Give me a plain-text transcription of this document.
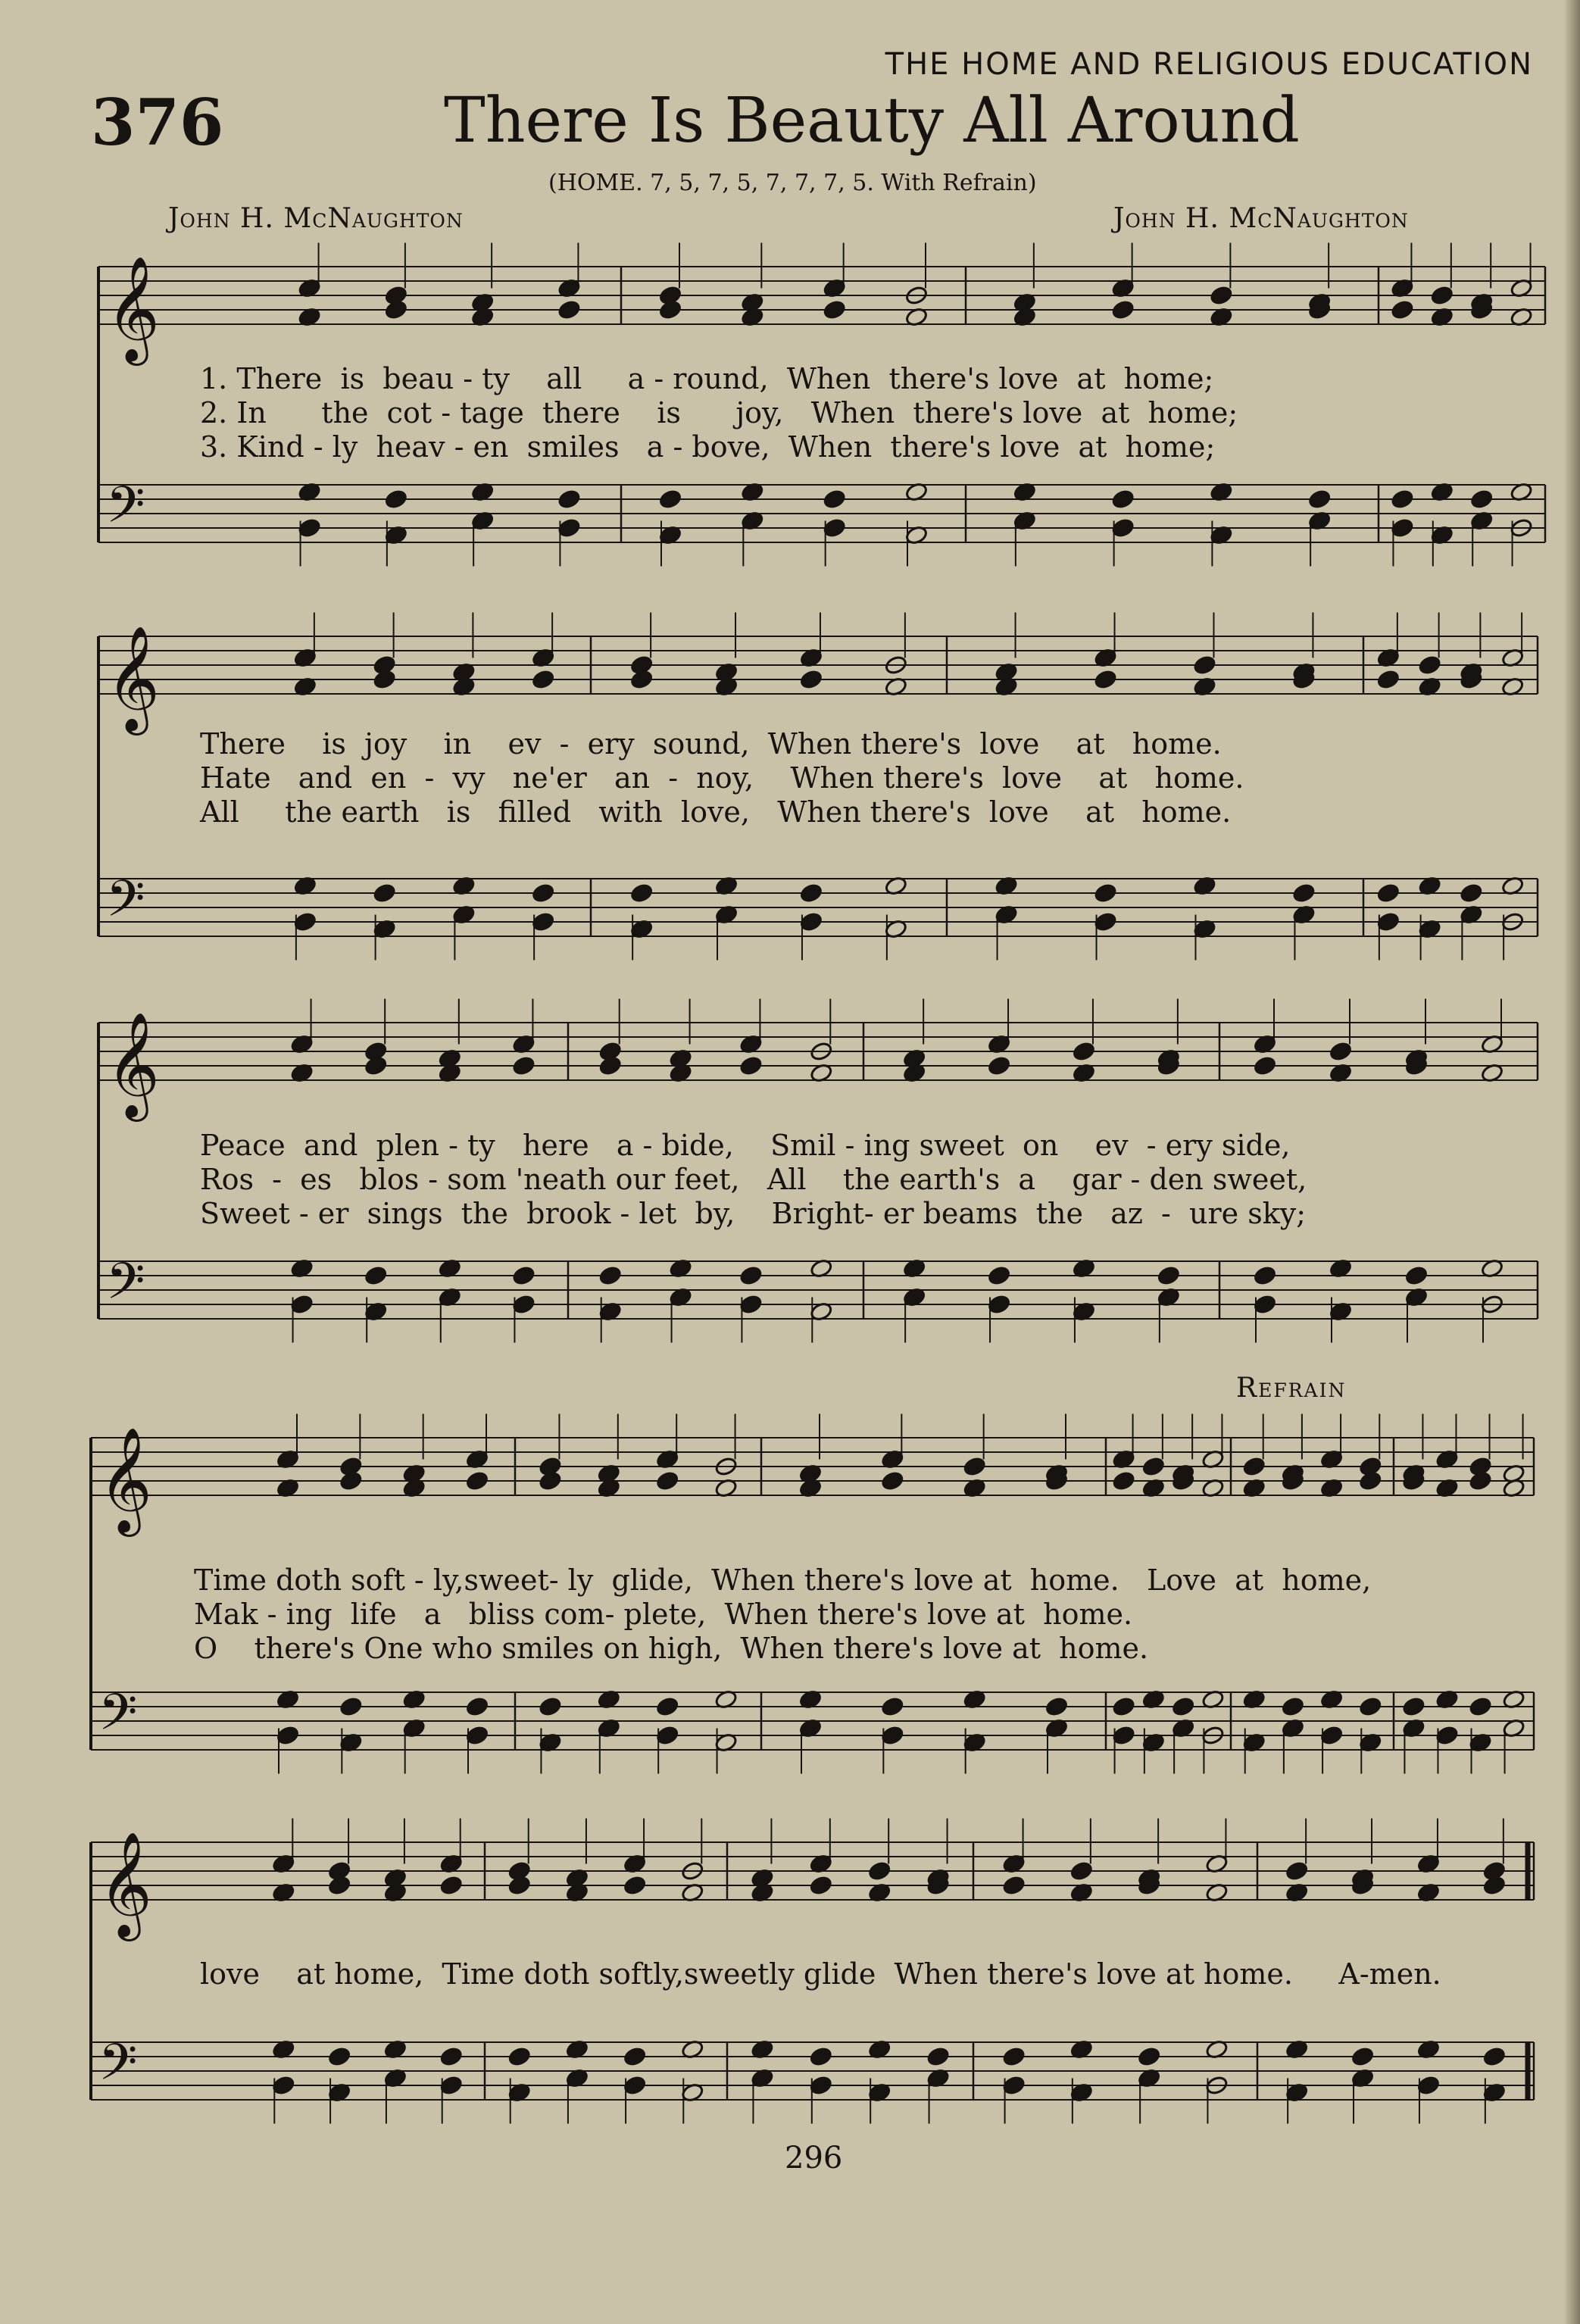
THE HOME AND RELIGIOUS EDUCATION
376	There Is Beauty All Around
(HOME. 7, 5, 7, 5, 7, 7, 7, 5. With Refrain)
John H. McNaughton	John H. McNaughton
Refrain
𝄞
𝄢
𝄞
𝄢
𝄞
𝄢
𝄞
𝄢
𝄞
𝄢
1. There  is  beau - ty    all     a - round,  When  there's love  at  home;
2. In      the  cot - tage  there    is      joy,   When  there's love  at  home;
3. Kind - ly  heav - en  smiles   a - bove,  When  there's love  at  home;
There    is  joy    in    ev  -  ery  sound,  When there's  love    at   home.
Hate   and  en  -  vy   ne'er   an  -  noy,    When there's  love    at   home.
All     the earth   is   filled   with  love,   When there's  love    at   home.
Peace  and  plen - ty   here   a - bide,    Smil - ing sweet  on    ev  - ery side,
Ros  -  es   blos - som 'neath our feet,   All    the earth's  a    gar - den sweet,
Sweet - er  sings  the  brook - let  by,    Bright- er beams  the   az  -  ure sky;
Time doth soft - ly,sweet- ly  glide,  When there's love at  home.   Love  at  home,
Mak - ing  life   a   bliss com- plete,  When there's love at  home.
O    there's One who smiles on high,  When there's love at  home.
love    at home,  Time doth softly,sweetly glide  When there's love at home.     A-men.
296
